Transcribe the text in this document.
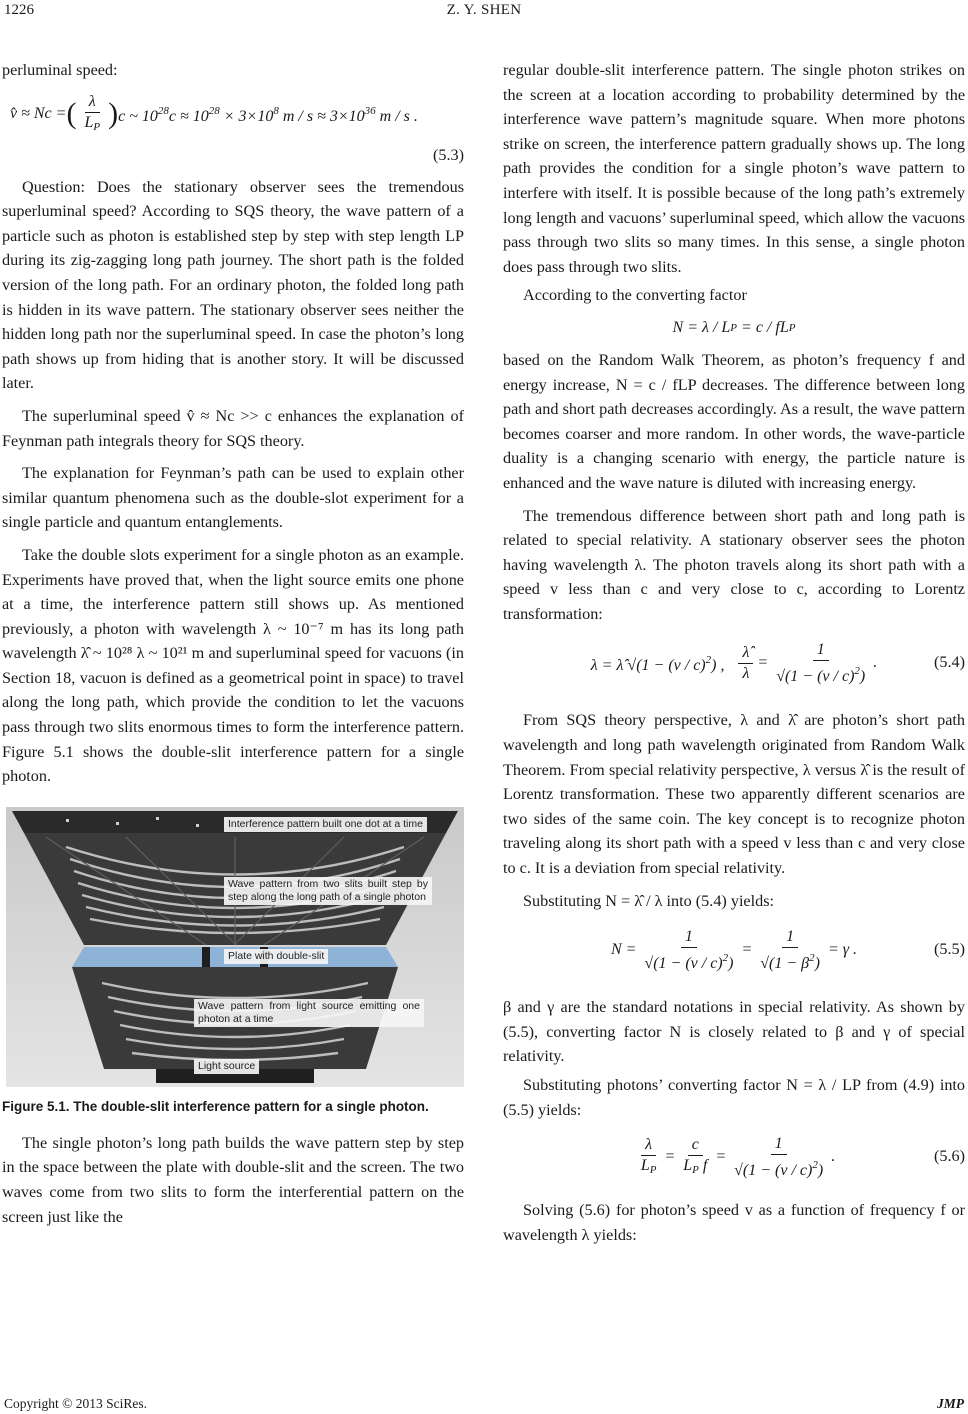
1226	Z. Y. SHEN

perluminal speed:

v̂ ≈ Nc = ( $\frac{\lambda}{L_P}$ ) c ~ $10^{28}c \approx 10^{28} \times 3\times 10^8$ $m / s \approx 3\times 10^{36}$ m / s .
(5.3)

Question: Does the stationary observer sees the tremendous superluminal speed? According to SQS theory, the wave pattern of a particle such as photon is established step by step with step length LP during its zig-zagging long path journey. The short path is the folded version of the long path. For an ordinary photon, the folded long path is hidden in its wave pattern. The stationary observer sees neither the hidden long path nor the superluminal speed. In case the photon’s long path shows up from hiding that is another story. It will be discussed later.

The superluminal speed v̂ ≈ Nc >> c enhances the explanation of Feynman path integrals theory for SQS theory.

The explanation for Feynman’s path can be used to explain other similar quantum phenomena such as the double-slot experiment for a single particle and quantum entanglements.

Take the double slots experiment for a single photon as an example. Experiments have proved that, when the light source emits one phone at a time, the interference pattern still shows up. As mentioned previously, a photon with wavelength λ ~ 10⁻⁷ m has its long path wavelength λ̂ ~ 10²⁸ λ ~ 10²¹ m and superluminal speed for vacuons (in Section 18, vacuon is defined as a geometrical point in space) to travel along the long path, which provide the condition to let the vacuons pass through two slits enormous times to form the interference pattern. Figure 5.1 shows the double-slit interference pattern for a single photon.

Interference pattern built one dot at a time
Wave pattern from two slits built step by step along the long path of a single photon
Plate with double-slit
Wave pattern from light source emitting one photon at a time
Light source
Figure 5.1. The double-slit interference pattern for a single photon.

The single photon’s long path builds the wave pattern step by step in the space between the plate with double-slit and the screen. The two waves come from two slits to form the interferential pattern on the screen just like the

regular double-slit interference pattern. The single photon strikes on the screen at a location according to probability determined by the interference wave pattern’s magnitude square. When more photons strike on screen, the interference pattern gradually shows up. The long path provides the condition for a single photon’s wave pattern to interfere with itself. It is possible because of the long path’s extremely long length and vacuons’ superluminal speed, which allow the vacuons pass through two slits so many times. In this sense, a single photon does pass through two slits.

According to the converting factor

N = λ / L P = c / fL P

based on the Random Walk Theorem, as photon’s frequency f and energy increase, N = c / fLP decreases. The difference between long path and short path decreases accordingly. As a result, the wave pattern becomes coarser and more random. In other words, the wave-particle duality is a changing scenario with energy, the particle nature is enhanced and the wave nature is diluted with increasing energy.

The tremendous difference between short path and long path is related to special relativity. A stationary observer sees the photon having wavelength λ. The photon travels along its short path with a speed v less than c and very close to c, according to Lorentz transformation:

λ = λ̂ √(1 − (v / c)$^2$) , $\frac{\lambdâ}{\lambda} = \frac{1}{√(1 - (v / c)^2)}$ .	(5.4)

From SQS theory perspective, λ and λ̂ are photon’s short path wavelength and long path wavelength originated from Random Walk Theorem. From special relativity perspective, λ versus λ̂ is the result of Lorentz transformation. These two apparently different scenarios are two sides of the same coin. The key concept is to recognize photon traveling along its short path with a speed v less than c and very close to c. It is a deviation from special relativity.

Substituting N = λ̂ / λ into (5.4) yields:

$N = \frac{1}{√(1 - (v / c)^2)} = \frac{1}{√(1 - \beta^2)} = \gamma$ .	(5.5)

β and γ are the standard notations in special relativity. As shown by (5.5), converting factor N is closely related to β and γ of special relativity.

Substituting photons’ converting factor N = λ / LP from (4.9) into (5.5) yields:

$\frac{\lambda}{L_P} = \frac{c}{L_P f} = \frac{1}{√(1 - (v / c)^2)}$ .	(5.6)

Solving (5.6) for photon’s speed v as a function of frequency f or wavelength λ yields:

Copyright © 2013 SciRes.	JMP
